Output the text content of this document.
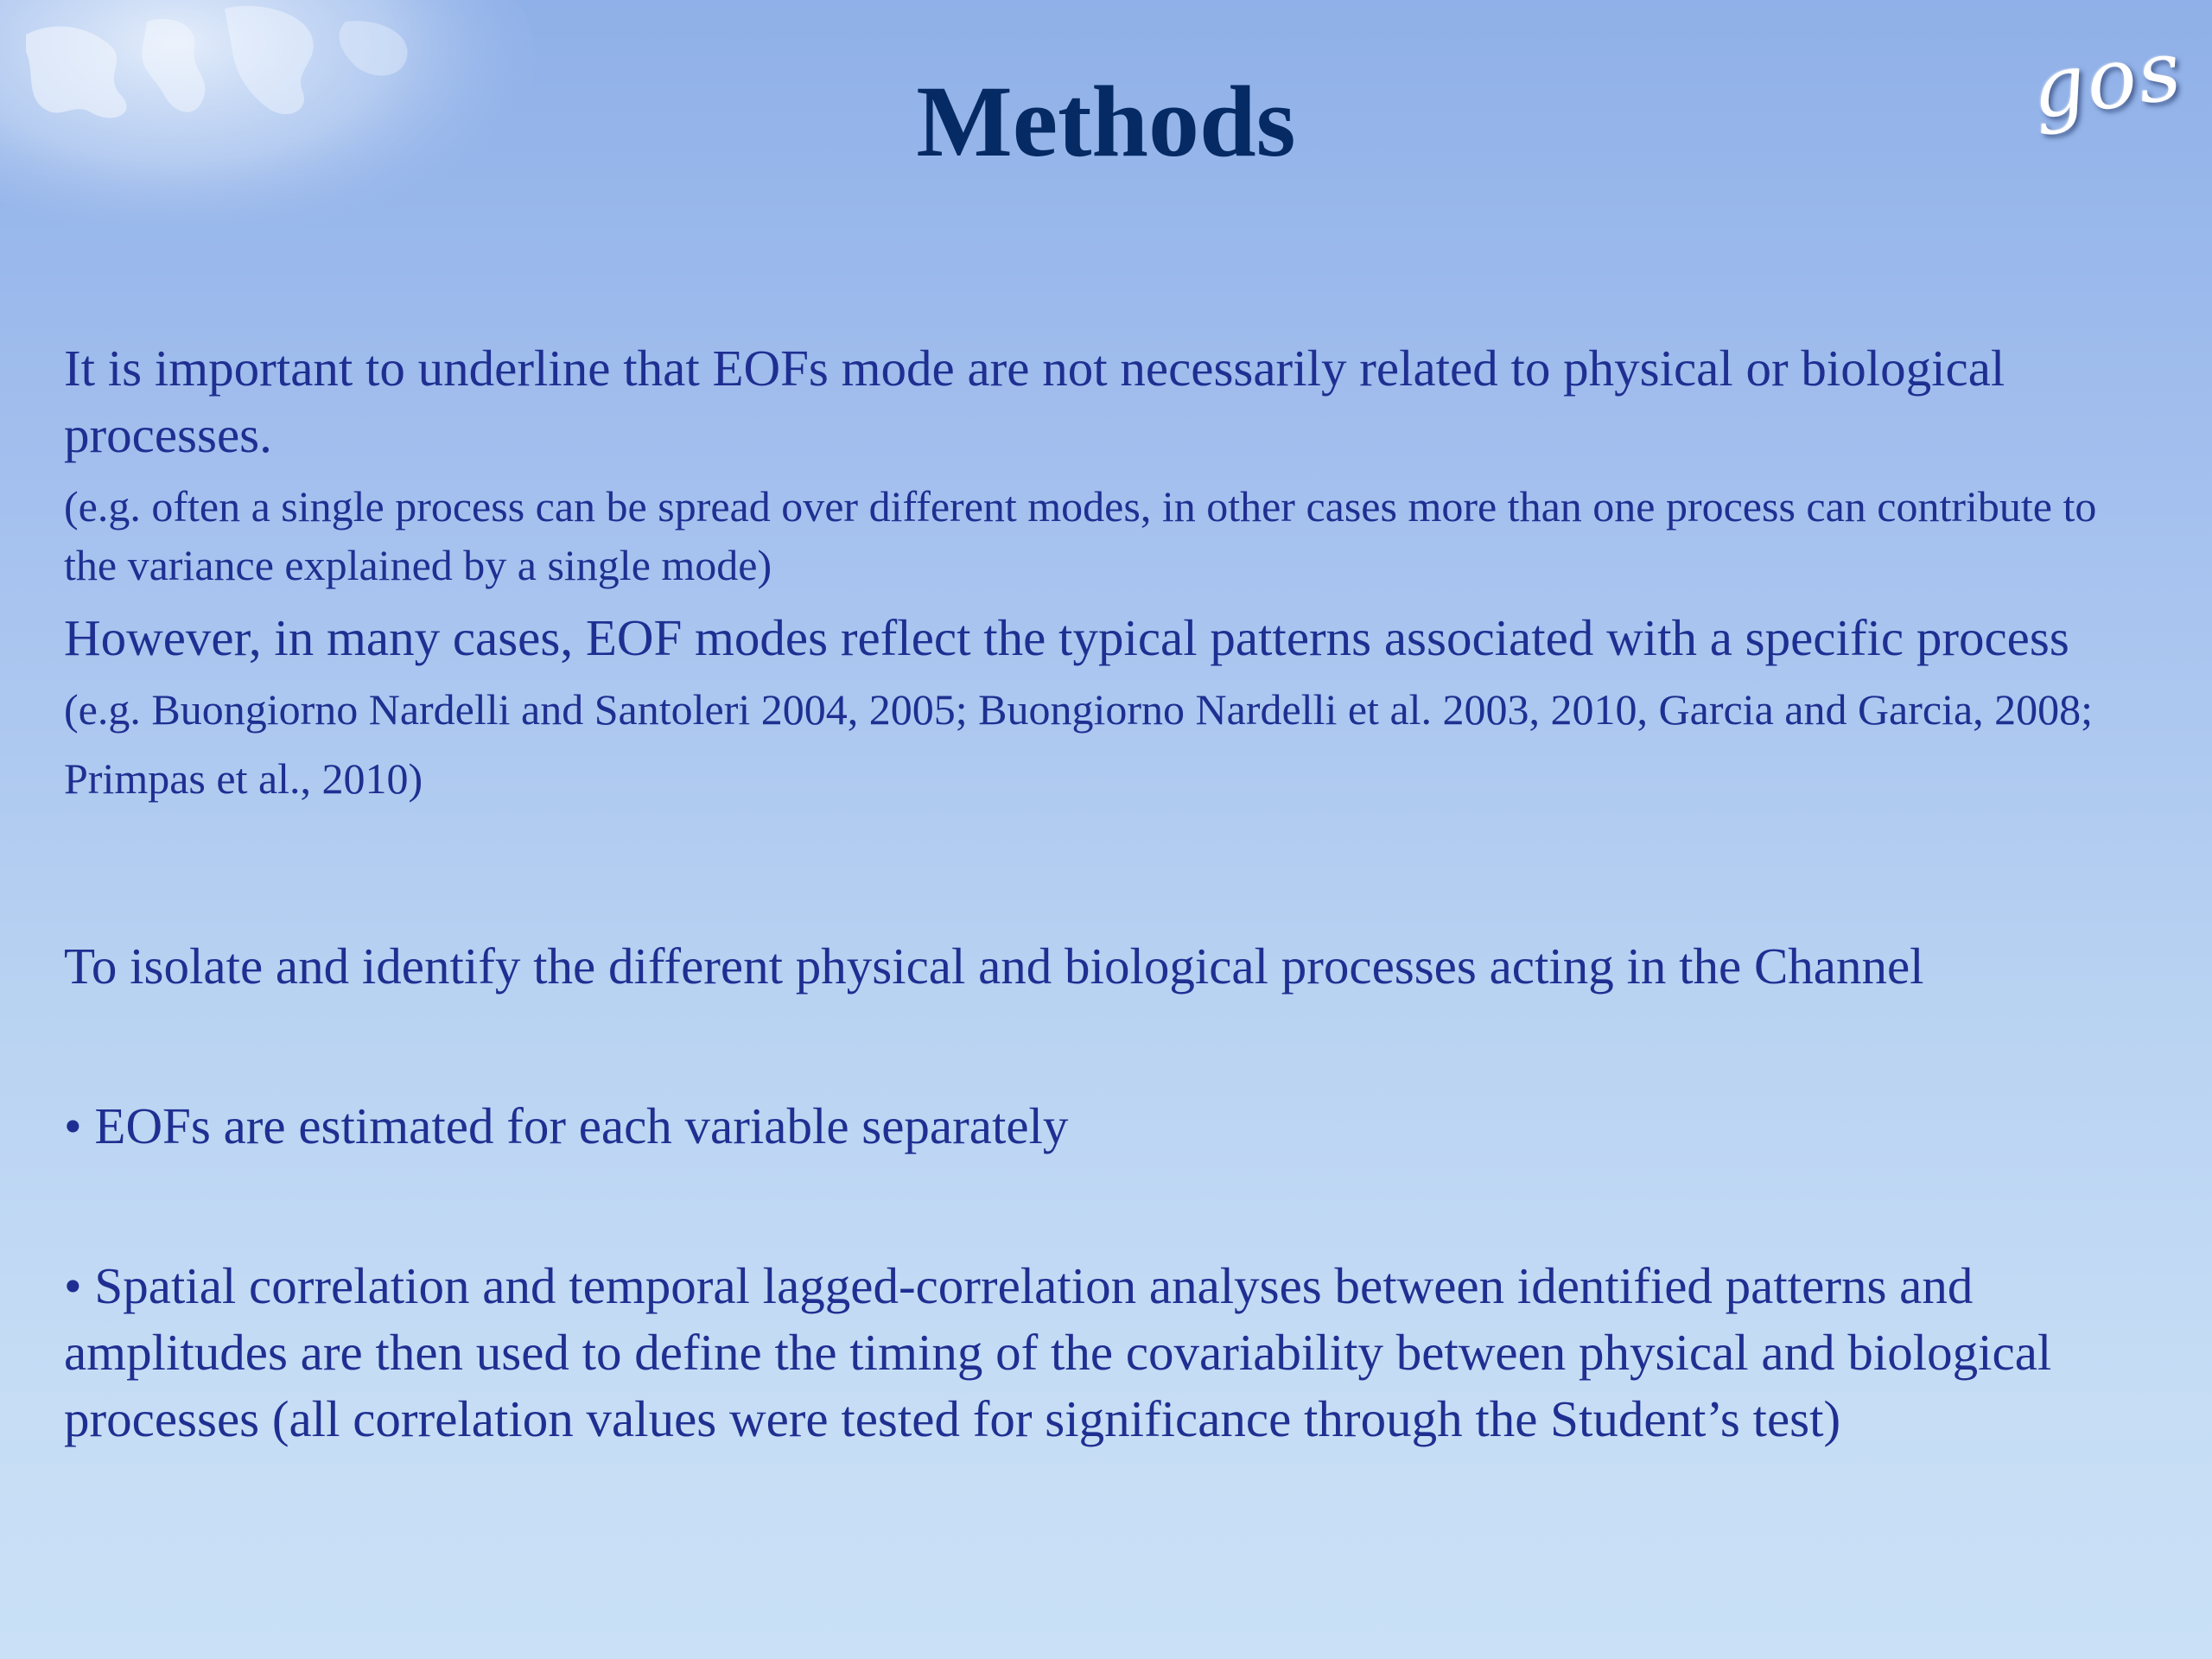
gos
Methods

It is important to underline that EOFs mode are not necessarily related to physical or biological processes.

(e.g. often a single process can be spread over different modes, in other cases more than one process can contribute to the variance explained by a single mode)

However, in many cases, EOF modes reflect the typical patterns associated with a specific process (e.g. Buongiorno Nardelli and Santoleri 2004, 2005; Buongiorno Nardelli et al. 2003, 2010, Garcia and Garcia, 2008; Primpas et al., 2010)

To isolate and identify the different physical and biological processes acting in the Channel

• EOFs are estimated for each variable separately

• Spatial correlation and temporal lagged-correlation analyses between identified patterns and amplitudes are then used to define the timing of the covariability between physical and biological processes (all correlation values were tested for significance through the Student’s test)
